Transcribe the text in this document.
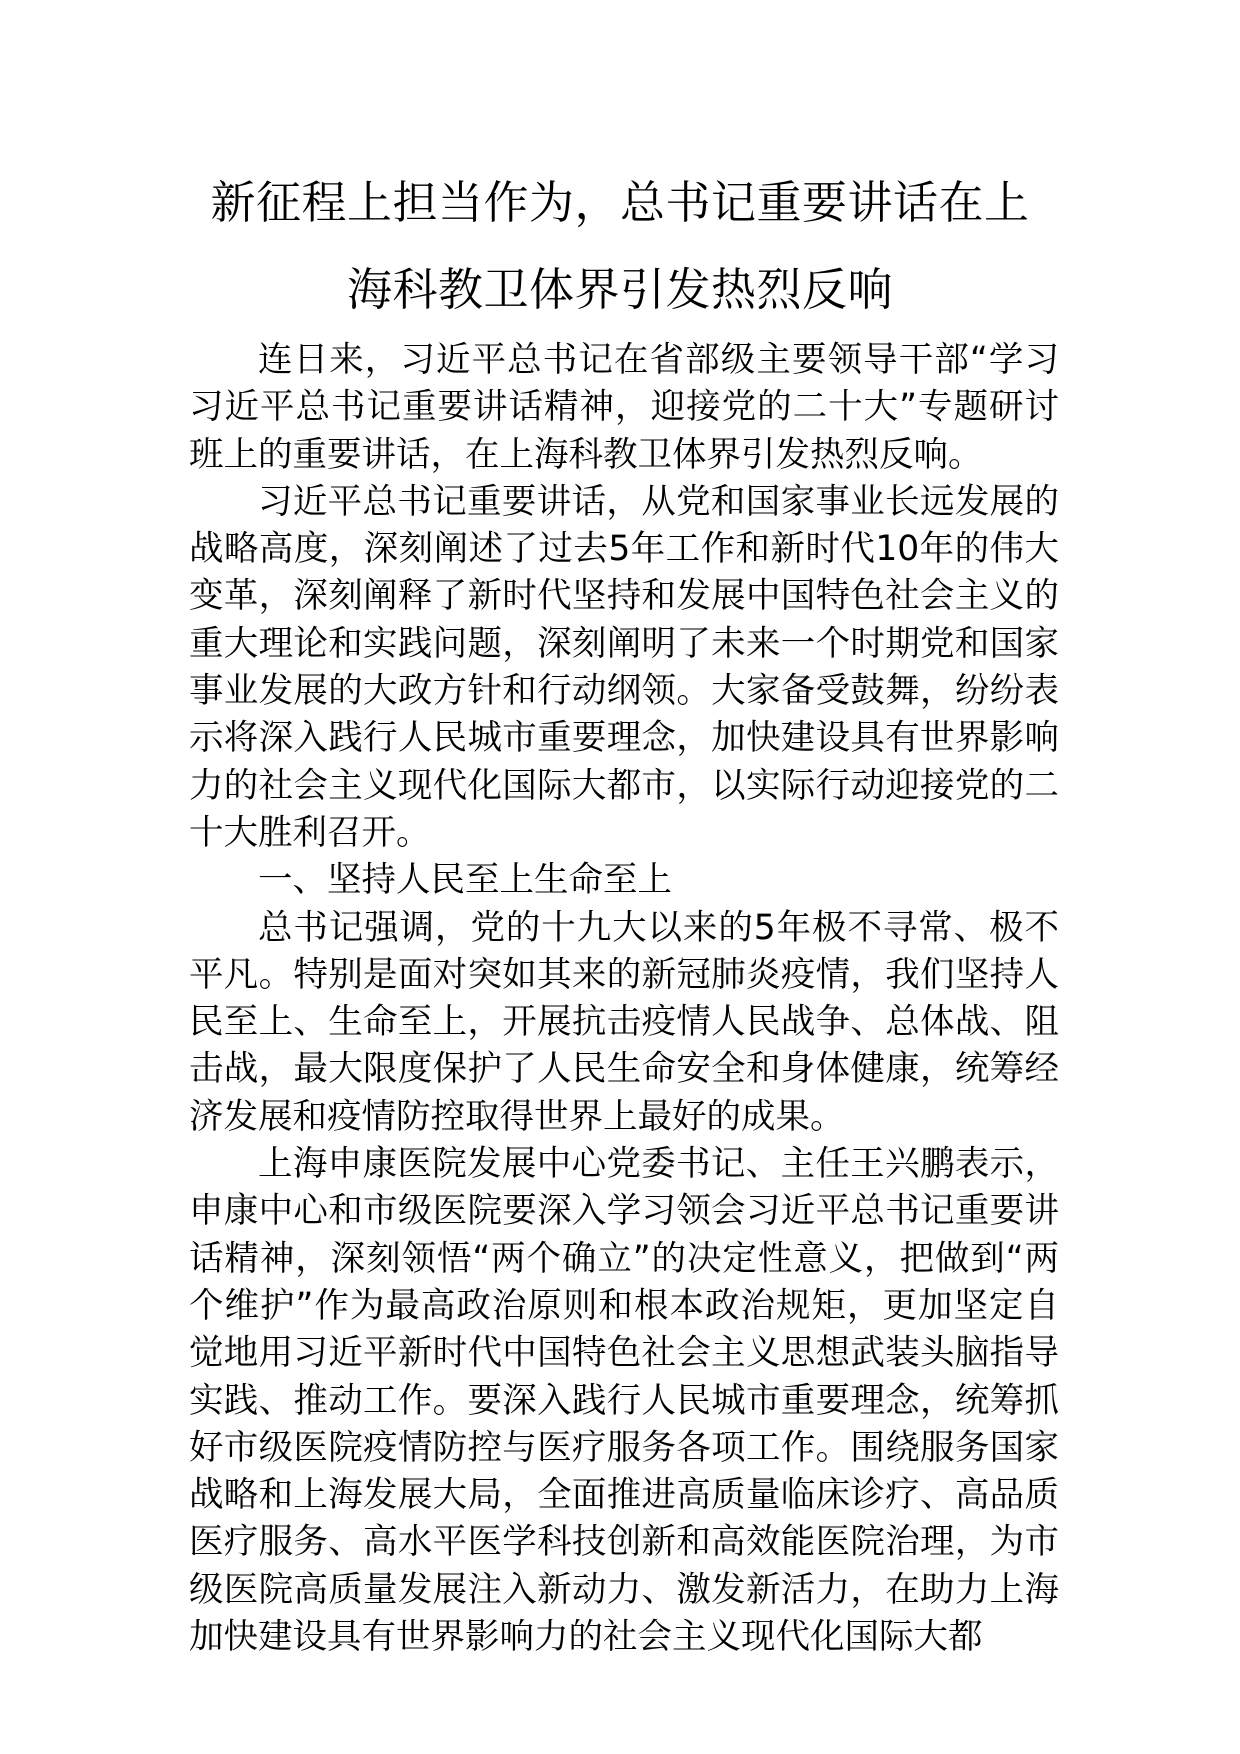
新征程上担当作为，总书记重要讲话在上
海科教卫体界引发热烈反响

连日来，习近平总书记在省部级主要领导干部“学习习近平总书记重要讲话精神，迎接党的二十大”专题研讨班上的重要讲话，在上海科教卫体界引发热烈反响。

习近平总书记重要讲话，从党和国家事业长远发展的战略高度，深刻阐述了过去5年工作和新时代10年的伟大变革，深刻阐释了新时代坚持和发展中国特色社会主义的重大理论和实践问题，深刻阐明了未来一个时期党和国家事业发展的大政方针和行动纲领。大家备受鼓舞，纷纷表示将深入践行人民城市重要理念，加快建设具有世界影响力的社会主义现代化国际大都市，以实际行动迎接党的二十大胜利召开。

一、坚持人民至上生命至上

总书记强调，党的十九大以来的5年极不寻常、极不平凡。特别是面对突如其来的新冠肺炎疫情，我们坚持人民至上、生命至上，开展抗击疫情人民战争、总体战、阻击战，最大限度保护了人民生命安全和身体健康，统筹经济发展和疫情防控取得世界上最好的成果。

上海申康医院发展中心党委书记、主任王兴鹏表示，申康中心和市级医院要深入学习领会习近平总书记重要讲话精神，深刻领悟“两个确立”的决定性意义，把做到“两个维护”作为最高政治原则和根本政治规矩，更加坚定自觉地用习近平新时代中国特色社会主义思想武装头脑指导实践、推动工作。要深入践行人民城市重要理念，统筹抓好市级医院疫情防控与医疗服务各项工作。围绕服务国家战略和上海发展大局，全面推进高质量临床诊疗、高品质医疗服务、高水平医学科技创新和高效能医院治理，为市级医院高质量发展注入新动力、激发新活力，在助力上海加快建设具有世界影响力的社会主义现代化国际大都
